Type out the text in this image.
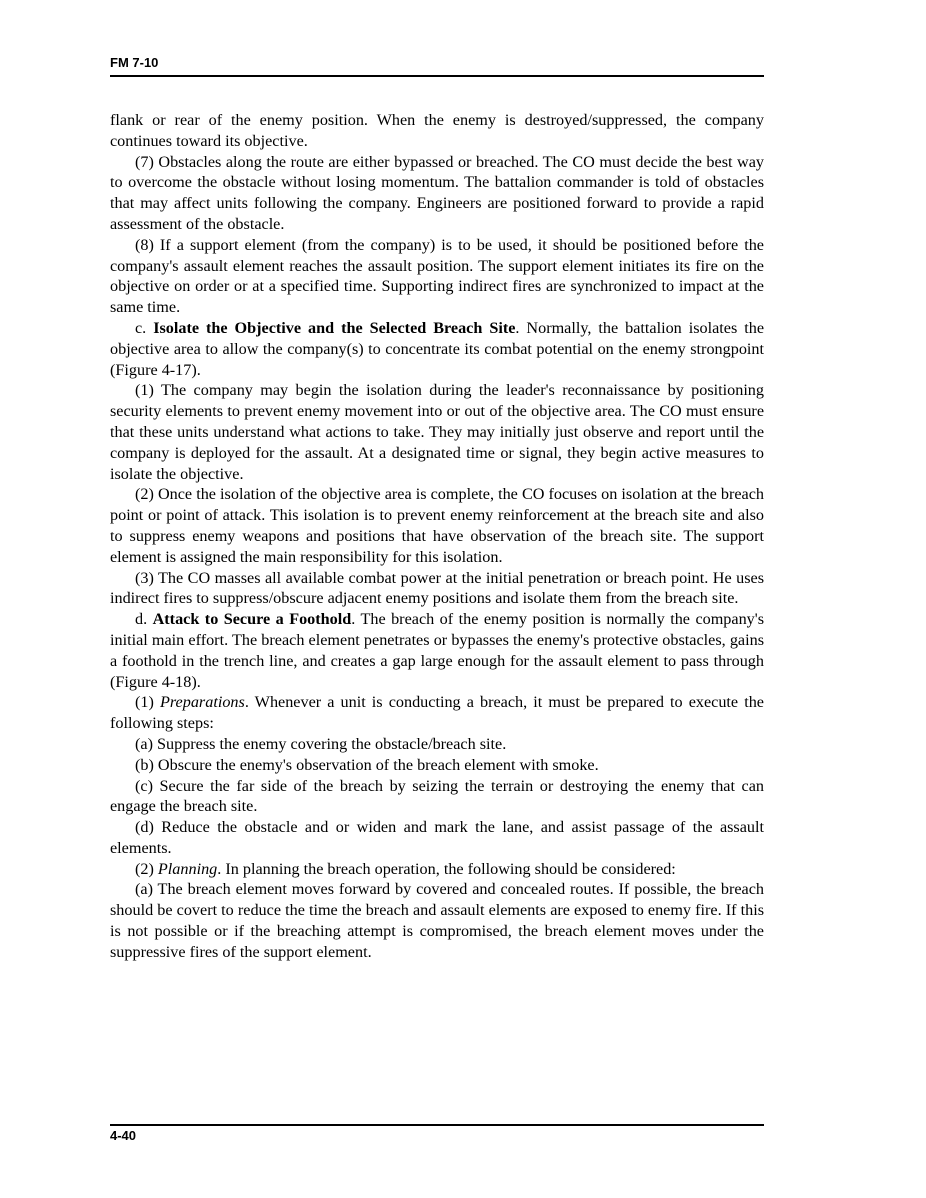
FM 7-10

flank or rear of the enemy position. When the enemy is destroyed/suppressed, the company continues toward its objective.

(7) Obstacles along the route are either bypassed or breached. The CO must decide the best way to overcome the obstacle without losing momentum. The battalion commander is told of obstacles that may affect units following the company. Engineers are positioned forward to provide a rapid assessment of the obstacle.

(8) If a support element (from the company) is to be used, it should be positioned before the company's assault element reaches the assault position. The support element initiates its fire on the objective on order or at a specified time. Supporting indirect fires are synchronized to impact at the same time.

c. Isolate the Objective and the Selected Breach Site. Normally, the battalion isolates the objective area to allow the company(s) to concentrate its combat potential on the enemy strongpoint (Figure 4-17).

(1) The company may begin the isolation during the leader's reconnaissance by positioning security elements to prevent enemy movement into or out of the objective area. The CO must ensure that these units understand what actions to take. They may initially just observe and report until the company is deployed for the assault. At a designated time or signal, they begin active measures to isolate the objective.

(2) Once the isolation of the objective area is complete, the CO focuses on isolation at the breach point or point of attack. This isolation is to prevent enemy reinforcement at the breach site and also to suppress enemy weapons and positions that have observation of the breach site. The support element is assigned the main responsibility for this isolation.

(3) The CO masses all available combat power at the initial penetration or breach point. He uses indirect fires to suppress/obscure adjacent enemy positions and isolate them from the breach site.

d. Attack to Secure a Foothold. The breach of the enemy position is normally the company's initial main effort. The breach element penetrates or bypasses the enemy's protective obstacles, gains a foothold in the trench line, and creates a gap large enough for the assault element to pass through (Figure 4-18).

(1) Preparations. Whenever a unit is conducting a breach, it must be prepared to execute the following steps:

(a) Suppress the enemy covering the obstacle/breach site.

(b) Obscure the enemy's observation of the breach element with smoke.

(c) Secure the far side of the breach by seizing the terrain or destroying the enemy that can engage the breach site.

(d) Reduce the obstacle and or widen and mark the lane, and assist passage of the assault elements.

(2) Planning. In planning the breach operation, the following should be considered:

(a) The breach element moves forward by covered and concealed routes. If possible, the breach should be covert to reduce the time the breach and assault elements are exposed to enemy fire. If this is not possible or if the breaching attempt is compromised, the breach element moves under the suppressive fires of the support element.

4-40
